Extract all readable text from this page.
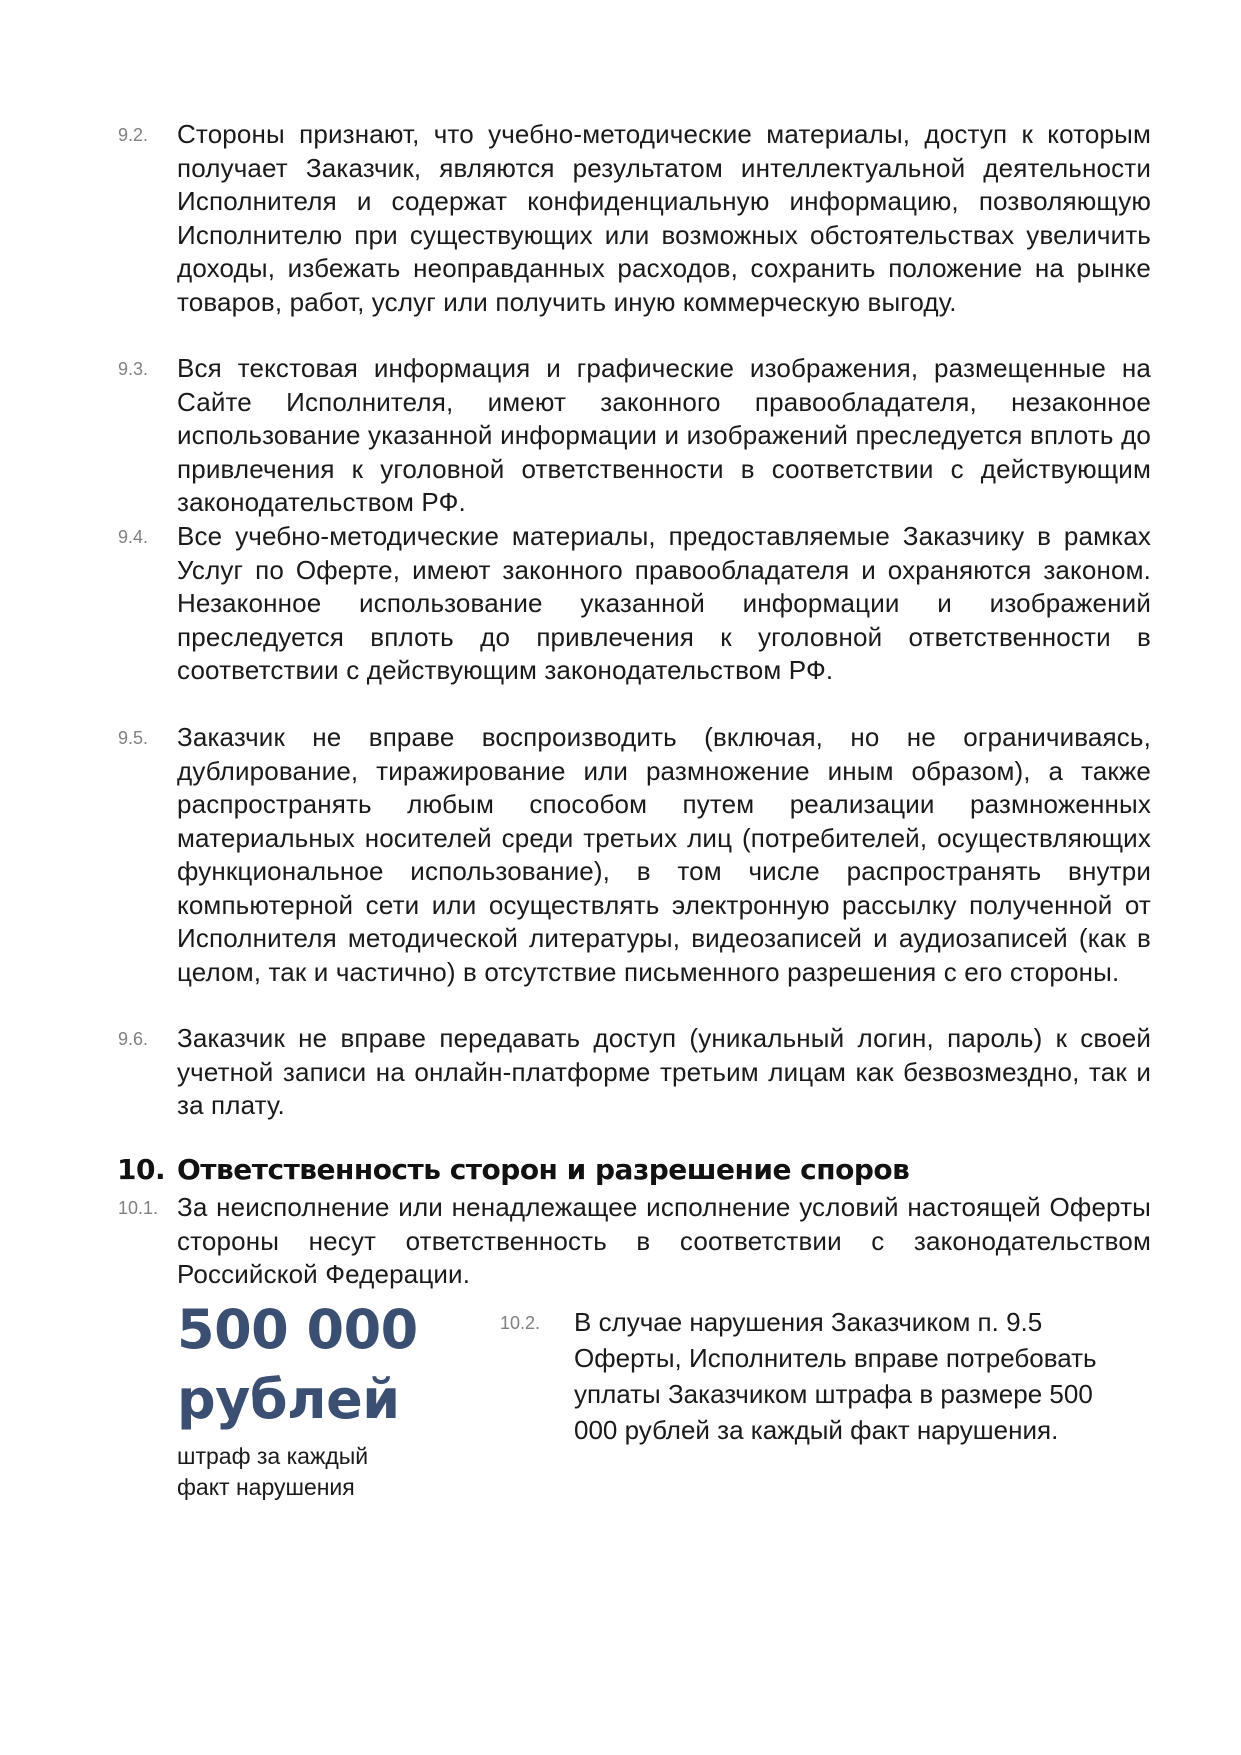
9.2. Стороны признают, что учебно-методические материалы, доступ к которым получает Заказчик, являются результатом интеллектуальной деятельности Исполнителя и содержат конфиденциальную информацию, позволяющую Исполнителю при существующих или возможных обстоятельствах увеличить доходы, избежать неоправданных расходов, сохранить положение на рынке товаров, работ, услуг или получить иную коммерческую выгоду.
9.3. Вся текстовая информация и графические изображения, размещенные на Сайте Исполнителя, имеют законного правообладателя, незаконное использование указанной информации и изображений преследуется вплоть до привлечения к уголовной ответственности в соответствии с действующим законодательством РФ.
9.4. Все учебно-методические материалы, предоставляемые Заказчику в рамках Услуг по Оферте, имеют законного правообладателя и охраняются законом. Незаконное использование указанной информации и изображений преследуется вплоть до привлечения к уголовной ответственности в соответствии с действующим законодательством РФ.
9.5. Заказчик не вправе воспроизводить (включая, но не ограничиваясь, дублирование, тиражирование или размножение иным образом), а также распространять любым способом путем реализации размноженных материальных носителей среди третьих лиц (потребителей, осуществляющих функциональное использование), в том числе распространять внутри компьютерной сети или осуществлять электронную рассылку полученной от Исполнителя методической литературы, видеозаписей и аудиозаписей (как в целом, так и частично) в отсутствие письменного разрешения с его стороны.
9.6. Заказчик не вправе передавать доступ (уникальный логин, пароль) к своей учетной записи на онлайн-платформе третьим лицам как безвозмездно, так и за плату.
10. Ответственность сторон и разрешение споров
10.1. За неисполнение или ненадлежащее исполнение условий настоящей Оферты стороны несут ответственность в соответствии с законодательством Российской Федерации.
500 000
рублей
штраф за каждый
факт нарушения
10.2. В случае нарушения Заказчиком п. 9.5 Оферты, Исполнитель вправе потребовать уплаты Заказчиком штрафа в размере 500 000 рублей за каждый факт нарушения.
